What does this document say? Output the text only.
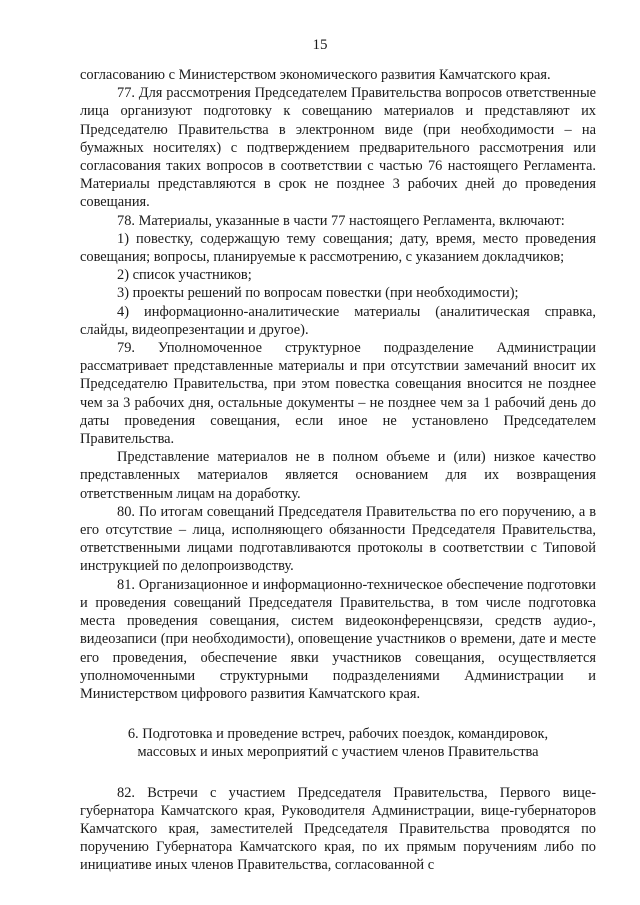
15

согласованию с Министерством экономического развития Камчатского края.

77. Для рассмотрения Председателем Правительства вопросов ответственные лица организуют подготовку к совещанию материалов и представляют их Председателю Правительства в электронном виде (при необходимости – на бумажных носителях) с подтверждением предварительного рассмотрения или согласования таких вопросов в соответствии с частью 76 настоящего Регламента. Материалы представляются в срок не позднее 3 рабочих дней до проведения совещания.

78. Материалы, указанные в части 77 настоящего Регламента, включают:

1) повестку, содержащую тему совещания; дату, время, место проведения совещания; вопросы, планируемые к рассмотрению, с указанием докладчиков;

2) список участников;

3) проекты решений по вопросам повестки (при необходимости);

4) информационно-аналитические материалы (аналитическая справка, слайды, видеопрезентации и другое).

79. Уполномоченное структурное подразделение Администрации рассматривает представленные материалы и при отсутствии замечаний вносит их Председателю Правительства, при этом повестка совещания вносится не позднее чем за 3 рабочих дня, остальные документы – не позднее чем за 1 рабочий день до даты проведения совещания, если иное не установлено Председателем Правительства.

Представление материалов не в полном объеме и (или) низкое качество представленных материалов является основанием для их возвращения ответственным лицам на доработку.

80. По итогам совещаний Председателя Правительства по его поручению, а в его отсутствие – лица, исполняющего обязанности Председателя Правительства, ответственными лицами подготавливаются протоколы в соответствии с Типовой инструкцией по делопроизводству.

81. Организационное и информационно-техническое обеспечение подготовки и проведения совещаний Председателя Правительства, в том числе подготовка места проведения совещания, систем видеоконференцсвязи, средств аудио-, видеозаписи (при необходимости), оповещение участников о времени, дате и месте его проведения, обеспечение явки участников совещания, осуществляется уполномоченными структурными подразделениями Администрации и Министерством цифрового развития Камчатского края.

6. Подготовка и проведение встреч, рабочих поездок, командировок,
массовых и иных мероприятий с участием членов Правительства

82. Встречи с участием Председателя Правительства, Первого вице-губернатора Камчатского края, Руководителя Администрации, вице-губернаторов Камчатского края, заместителей Председателя Правительства проводятся по поручению Губернатора Камчатского края, по их прямым поручениям либо по инициативе иных членов Правительства, согласованной с
